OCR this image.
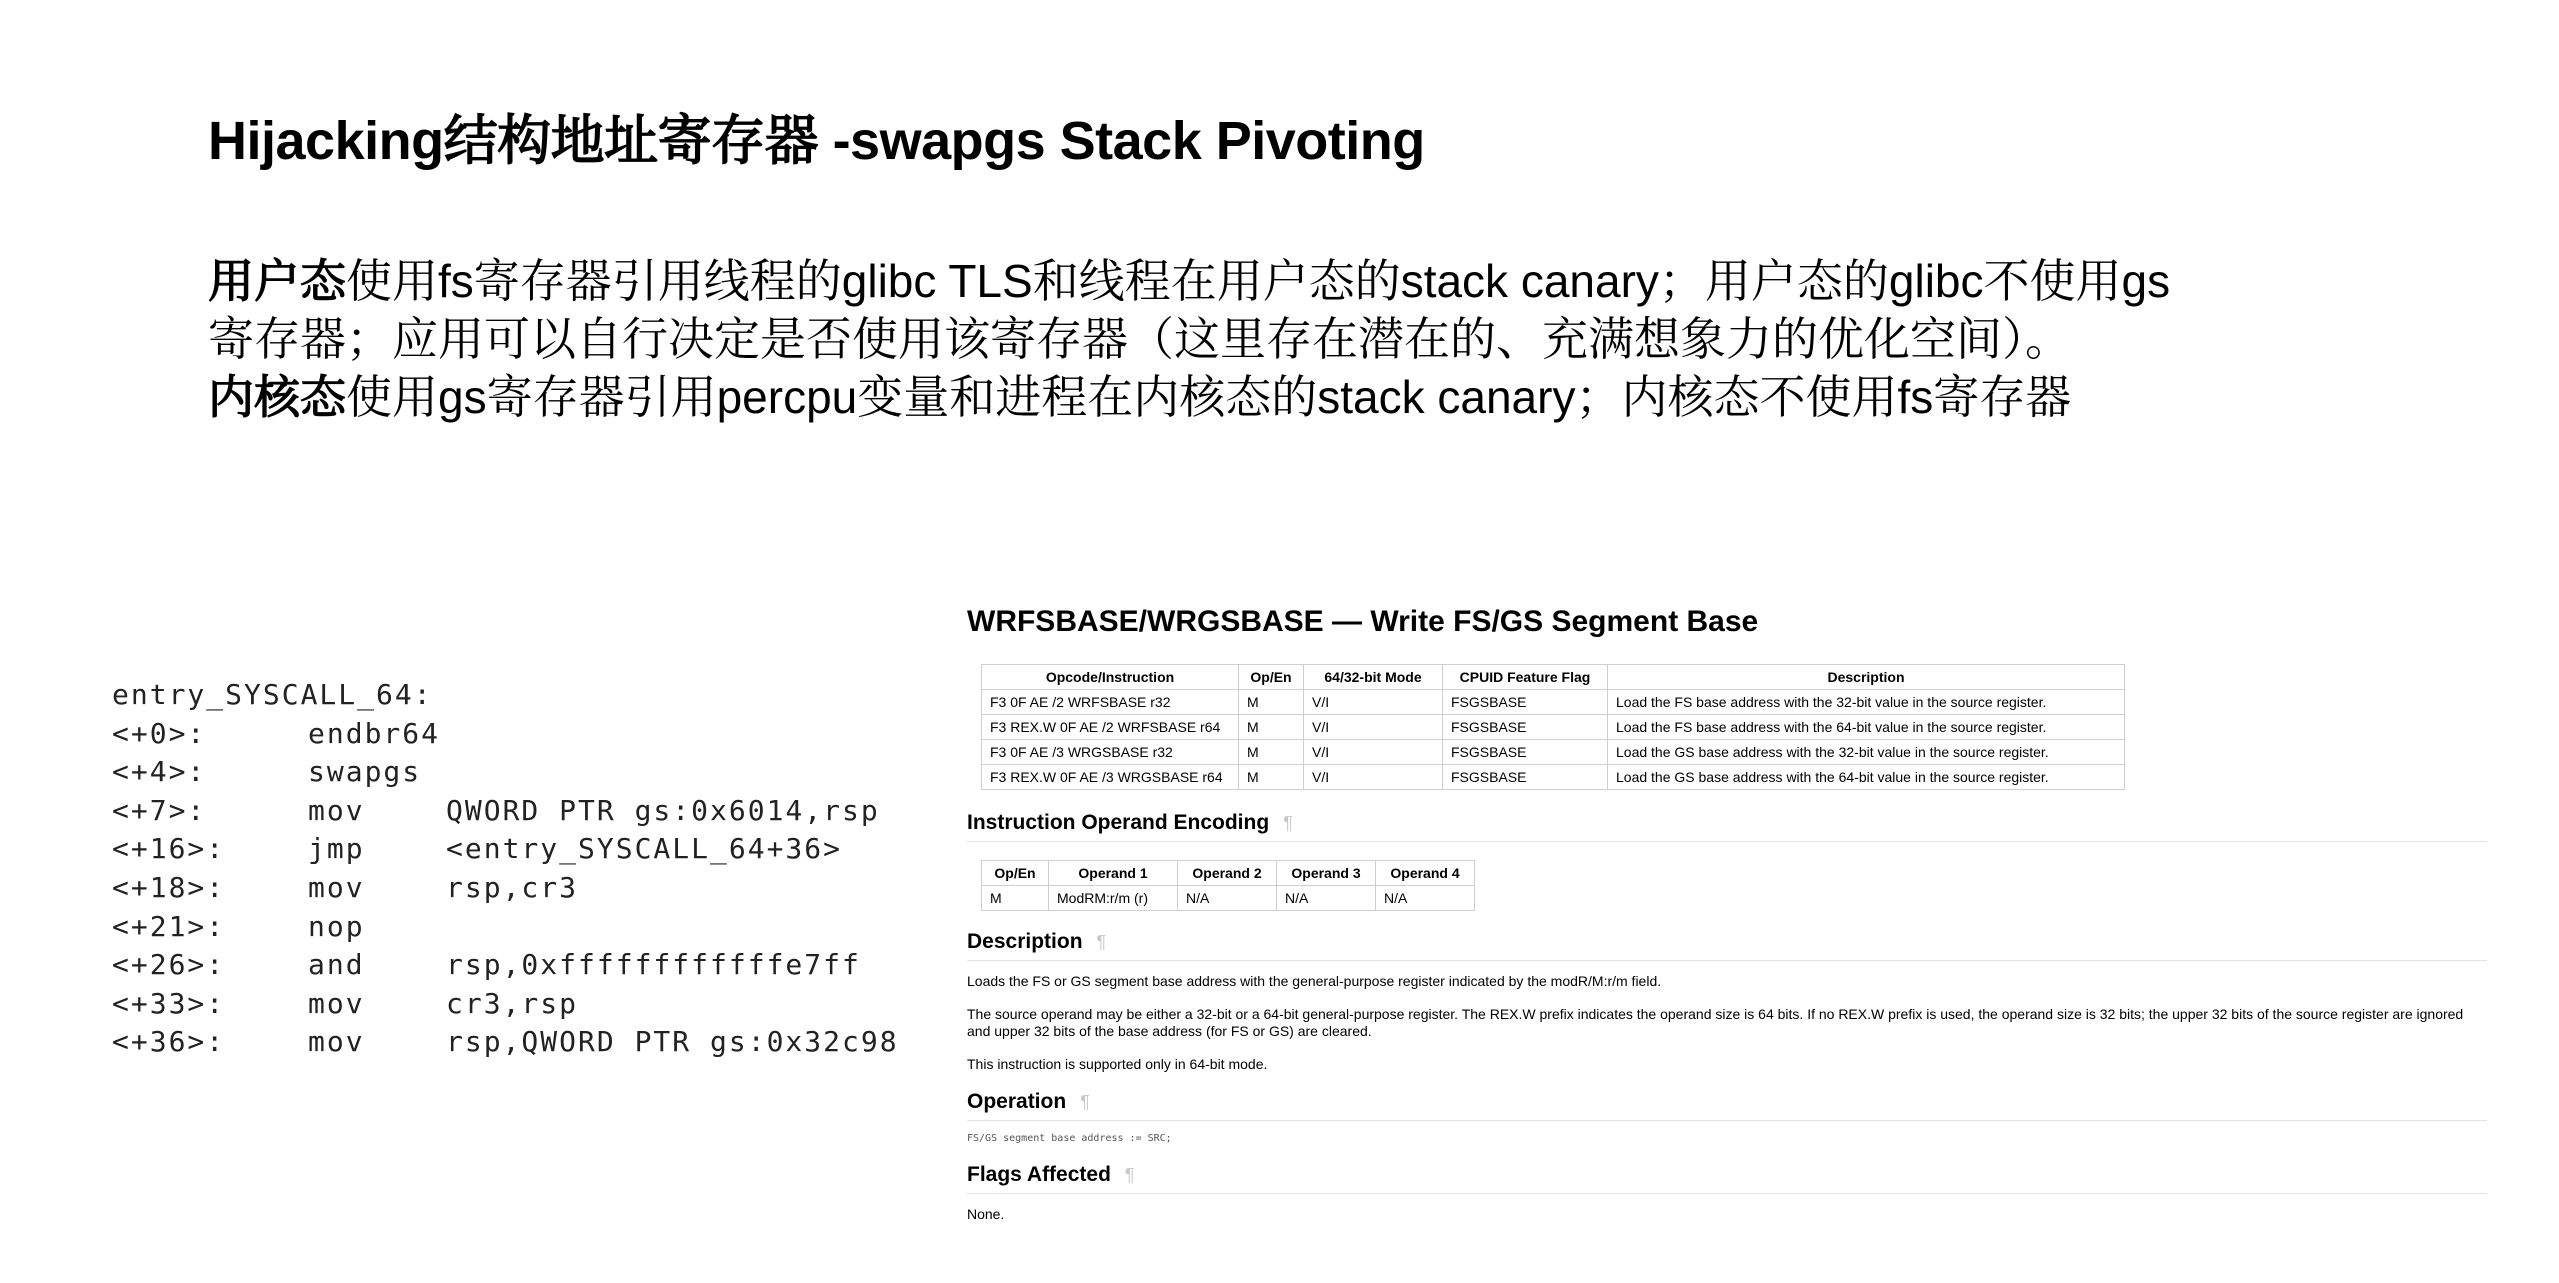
Hijacking结构地址寄存器 -swapgs Stack Pivoting
用户态使用fs寄存器引用线程的glibc TLS和线程在用户态的stack canary；用户态的glibc不使用gs寄存器；应用可以自行决定是否使用该寄存器（这里存在潜在的、充满想象力的优化空间）。
内核态使用gs寄存器引用percpu变量和进程在内核态的stack canary；内核态不使用fs寄存器
entry_SYSCALL_64:
<+0>:	endbr64
<+4>:	swapgs
<+7>:	mov	QWORD PTR gs:0x6014,rsp
<+16>:	jmp	<entry_SYSCALL_64+36>
<+18>:	mov	rsp,cr3
<+21>:	nop
<+26>:	and	rsp,0xffffffffffffe7ff
<+33>:	mov	cr3,rsp
<+36>:	mov	rsp,QWORD PTR gs:0x32c98
WRFSBASE/WRGSBASE — Write FS/GS Segment Base
Opcode/Instruction	Op/En	64/32-bit Mode	CPUID Feature Flag	Description
F3 0F AE /2 WRFSBASE r32	M	V/I	FSGSBASE	Load the FS base address with the 32-bit value in the source register.
F3 REX.W 0F AE /2 WRFSBASE r64	M	V/I	FSGSBASE	Load the FS base address with the 64-bit value in the source register.
F3 0F AE /3 WRGSBASE r32	M	V/I	FSGSBASE	Load the GS base address with the 32-bit value in the source register.
F3 REX.W 0F AE /3 WRGSBASE r64	M	V/I	FSGSBASE	Load the GS base address with the 64-bit value in the source register.
Instruction Operand Encoding ¶
Op/En	Operand 1	Operand 2	Operand 3	Operand 4
M	ModRM:r/m (r)	N/A	N/A	N/A
Description ¶

Loads the FS or GS segment base address with the general-purpose register indicated by the modR/M:r/m field.

The source operand may be either a 32-bit or a 64-bit general-purpose register. The REX.W prefix indicates the operand size is 64 bits. If no REX.W prefix is used, the operand size is 32 bits; the upper 32 bits of the source register are ignored and upper 32 bits of the base address (for FS or GS) are cleared.

This instruction is supported only in 64-bit mode.

Operation ¶
FS/GS segment base address := SRC;
Flags Affected ¶

None.
